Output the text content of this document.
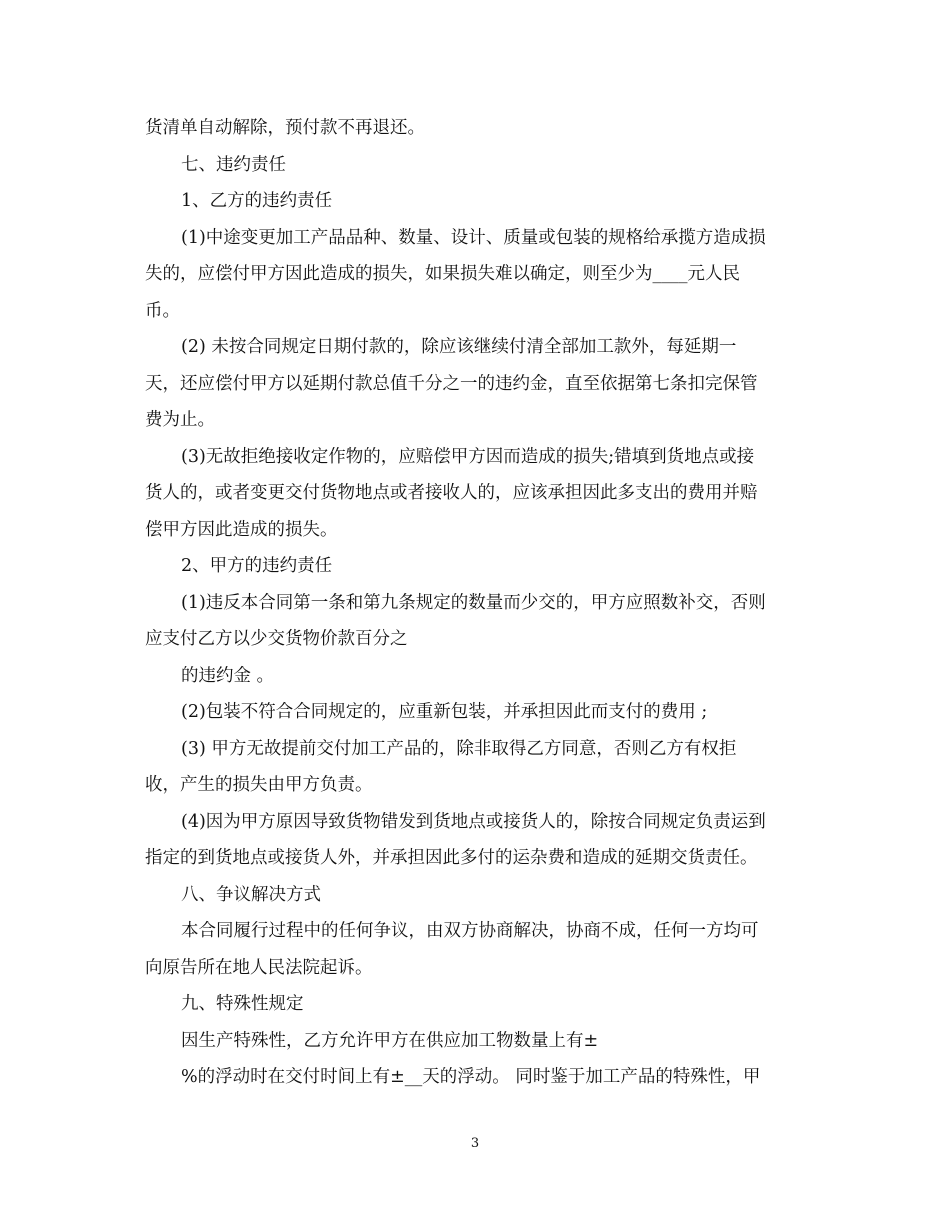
货清单自动解除，预付款不再退还。
七、违约责任
1、乙方的违约责任
(1)中途变更加工产品品种、数量、设计、质量或包装的规格给承揽方造成损
失的，应偿付甲方因此造成的损失，如果损失难以确定，则至少为____元人民
币。
(2) 未按合同规定日期付款的，除应该继续付清全部加工款外，每延期一
天，还应偿付甲方以延期付款总值千分之一的违约金，直至依据第七条扣完保管
费为止。
(3)无故拒绝接收定作物的，应赔偿甲方因而造成的损失;错填到货地点或接
货人的，或者变更交付货物地点或者接收人的，应该承担因此多支出的费用并赔
偿甲方因此造成的损失。
2、甲方的违约责任
(1)违反本合同第一条和第九条规定的数量而少交的，甲方应照数补交，否则
应支付乙方以少交货物价款百分之
的违约金 。
(2)包装不符合合同规定的，应重新包装，并承担因此而支付的费用 ;
(3) 甲方无故提前交付加工产品的，除非取得乙方同意，否则乙方有权拒
收，产生的损失由甲方负责。
(4)因为甲方原因导致货物错发到货地点或接货人的，除按合同规定负责运到
指定的到货地点或接货人外，并承担因此多付的运杂费和造成的延期交货责任。
八、争议解决方式
本合同履行过程中的任何争议，由双方协商解决，协商不成，任何一方均可
向原告所在地人民法院起诉。
九、特殊性规定
因生产特殊性，乙方允许甲方在供应加工物数量上有±
%的浮动时在交付时间上有±__天的浮动。 同时鉴于加工产品的特殊性，甲
3
